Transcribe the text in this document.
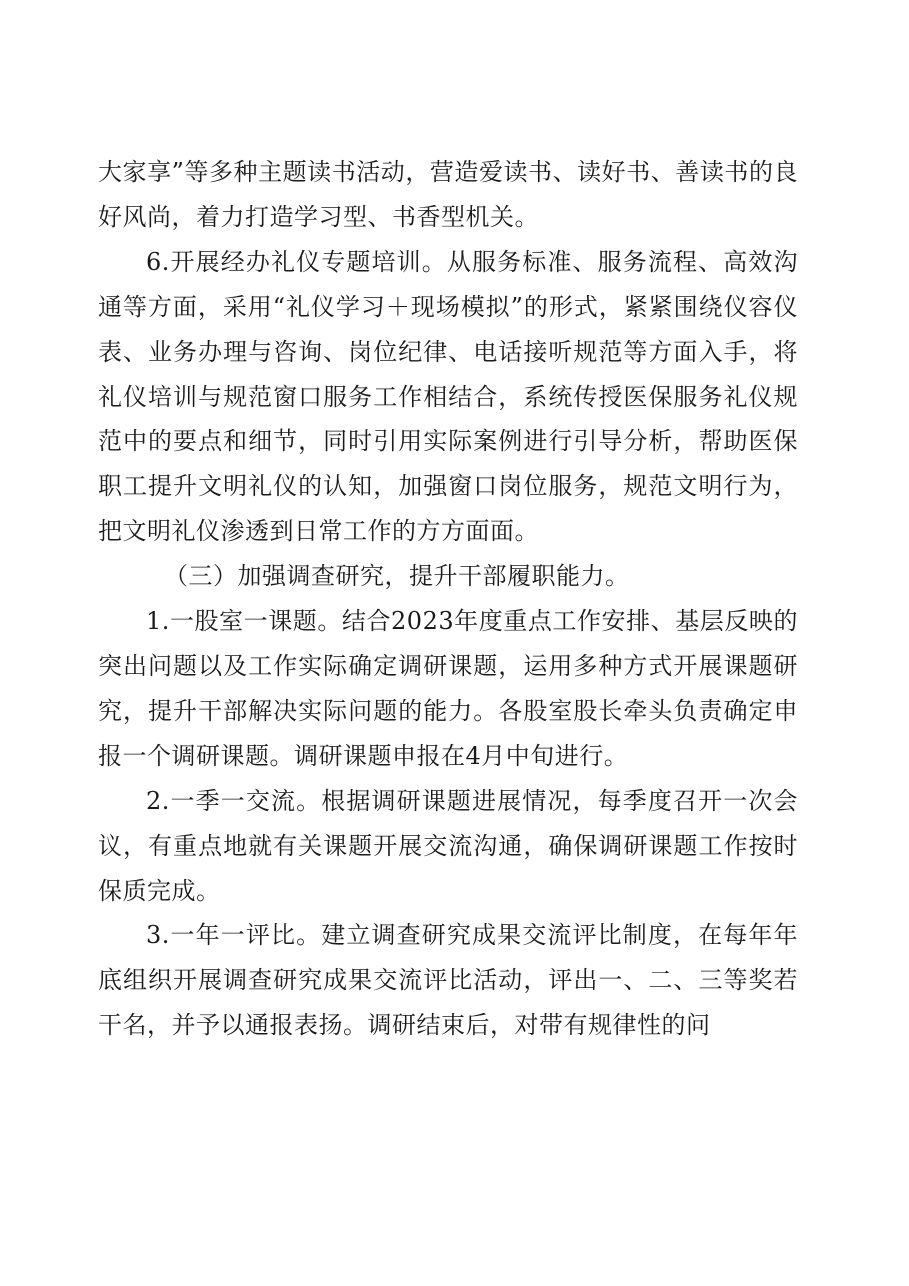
大家享”等多种主题读书活动，营造爱读书、读好书、善读书的良好风尚，着力打造学习型、书香型机关。

6.开展经办礼仪专题培训。从服务标准、服务流程、高效沟通等方面，采用“礼仪学习＋现场模拟”的形式，紧紧围绕仪容仪表、业务办理与咨询、岗位纪律、电话接听规范等方面入手，将礼仪培训与规范窗口服务工作相结合，系统传授医保服务礼仪规范中的要点和细节，同时引用实际案例进行引导分析，帮助医保职工提升文明礼仪的认知，加强窗口岗位服务，规范文明行为，把文明礼仪渗透到日常工作的方方面面。

（三）加强调查研究，提升干部履职能力。

1.一股室一课题。结合2023年度重点工作安排、基层反映的突出问题以及工作实际确定调研课题，运用多种方式开展课题研究，提升干部解决实际问题的能力。各股室股长牵头负责确定申报一个调研课题。调研课题申报在4月中旬进行。

2.一季一交流。根据调研课题进展情况，每季度召开一次会议，有重点地就有关课题开展交流沟通，确保调研课题工作按时保质完成。

3.一年一评比。建立调查研究成果交流评比制度，在每年年底组织开展调查研究成果交流评比活动，评出一、二、三等奖若干名，并予以通报表扬。调研结束后，对带有规律性的问
